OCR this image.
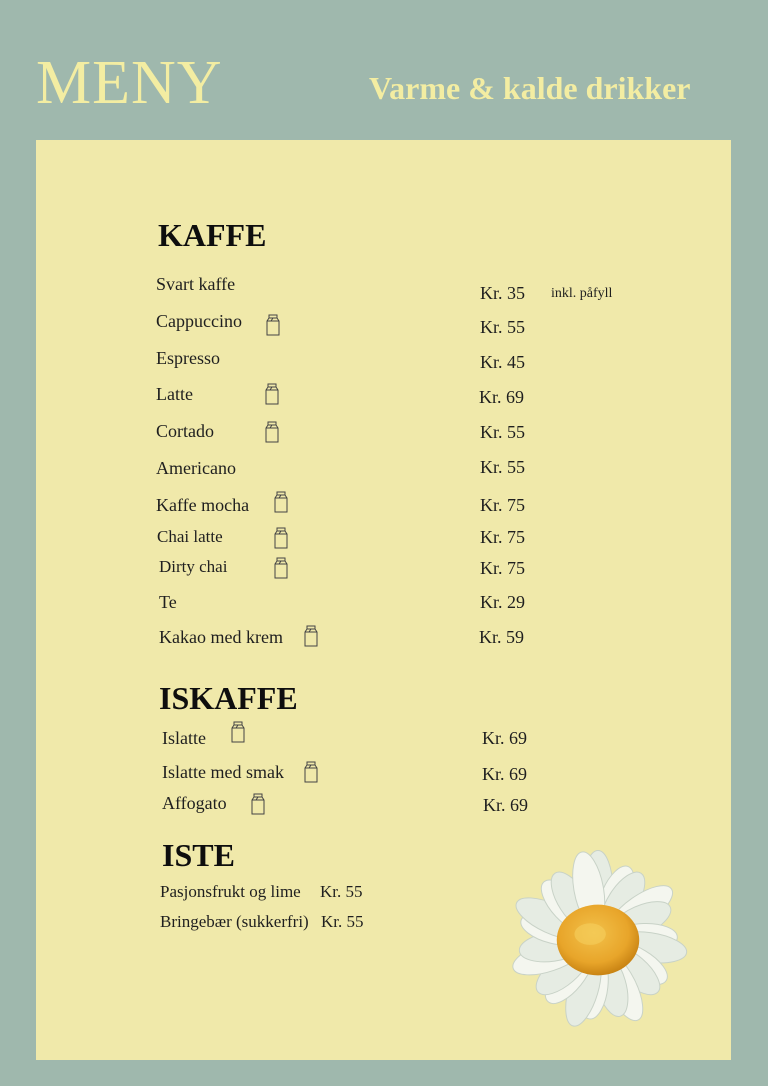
MENY	Varme & kalde drikker
KAFFE
Svart kaffe	Kr. 35 inkl. påfyll
Cappuccino	Kr. 55
Espresso	Kr. 45
Latte	Kr. 69
Cortado	Kr. 55
Americano	Kr. 55
Kaffe mocha	Kr. 75
Chai latte	Kr. 75
Dirty chai	Kr. 75
Te	Kr. 29
Kakao med krem	Kr. 59
ISKAFFE
Islatte	Kr. 69
Islatte med smak	Kr. 69
Affogato	Kr. 69
ISTE
Pasjonsfrukt og lime Kr. 55
Bringebær (sukkerfri) Kr. 55
